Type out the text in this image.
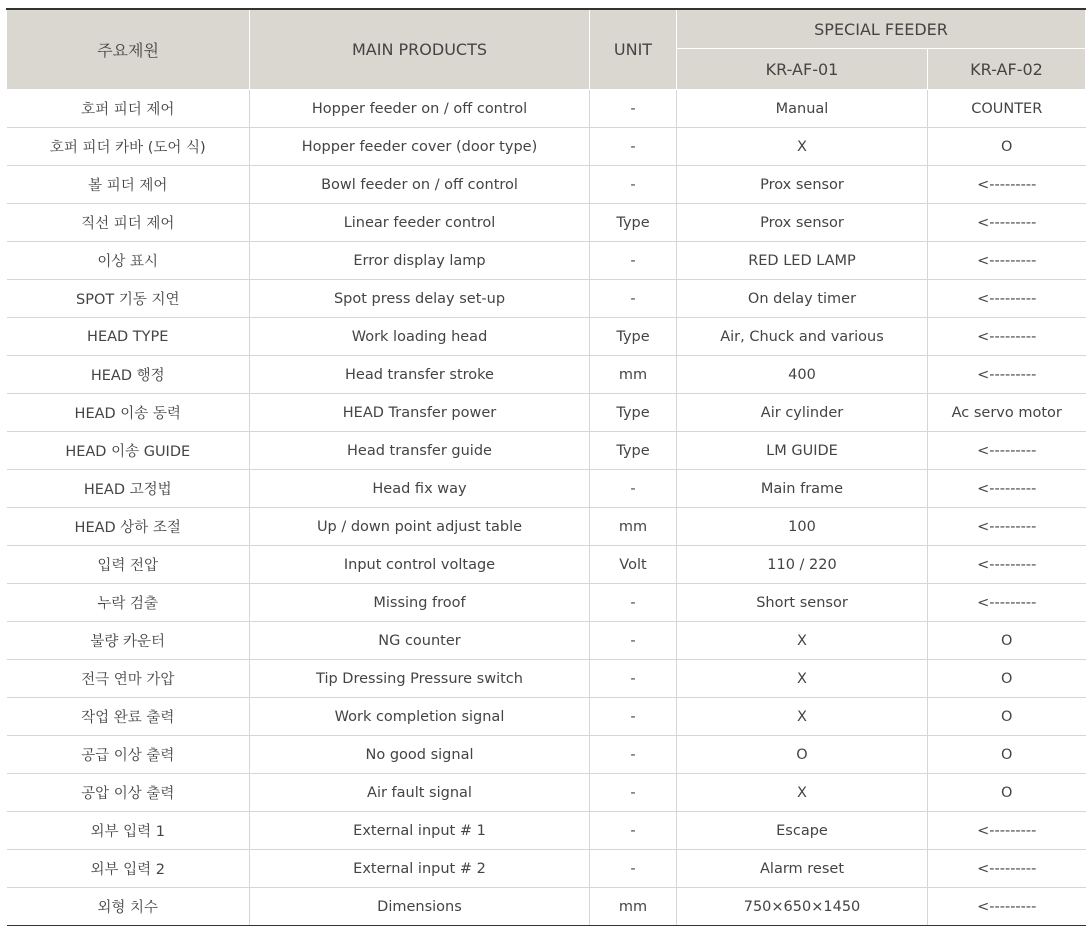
주요제원	MAIN PRODUCTS	UNIT	SPECIAL FEEDER	
			KR-AF-01	KR-AF-02
호퍼 피더 제어	Hopper feeder on / off control	-	Manual	COUNTER
호퍼 피더 카바 (도어 식)	Hopper feeder cover (door type)	-	X	O
볼 피더 제어	Bowl feeder on / off control	-	Prox sensor	<---------
직선 피더 제어	Linear feeder control	Type	Prox sensor	<---------
이상 표시	Error display lamp	-	RED LED LAMP	<---------
SPOT 기동 지연	Spot press delay set-up	-	On delay timer	<---------
HEAD TYPE	Work loading head	Type	Air, Chuck and various	<---------
HEAD 행정	Head transfer stroke	mm	400	<---------
HEAD 이송 동력	HEAD Transfer power	Type	Air cylinder	Ac servo motor
HEAD 이송 GUIDE	Head transfer guide	Type	LM GUIDE	<---------
HEAD 고정법	Head fix way	-	Main frame	<---------
HEAD 상하 조절	Up / down point adjust table	mm	100	<---------
입력 전압	Input control voltage	Volt	110 / 220	<---------
누락 검출	Missing froof	-	Short sensor	<---------
불량 카운터	NG counter	-	X	O
전극 연마 가압	Tip Dressing Pressure switch	-	X	O
작업 완료 출력	Work completion signal	-	X	O
공급 이상 출력	No good signal	-	O	O
공압 이상 출력	Air fault signal	-	X	O
외부 입력 1	External input # 1	-	Escape	<---------
외부 입력 2	External input # 2	-	Alarm reset	<---------
외형 치수	Dimensions	mm	750×650×1450	<---------
